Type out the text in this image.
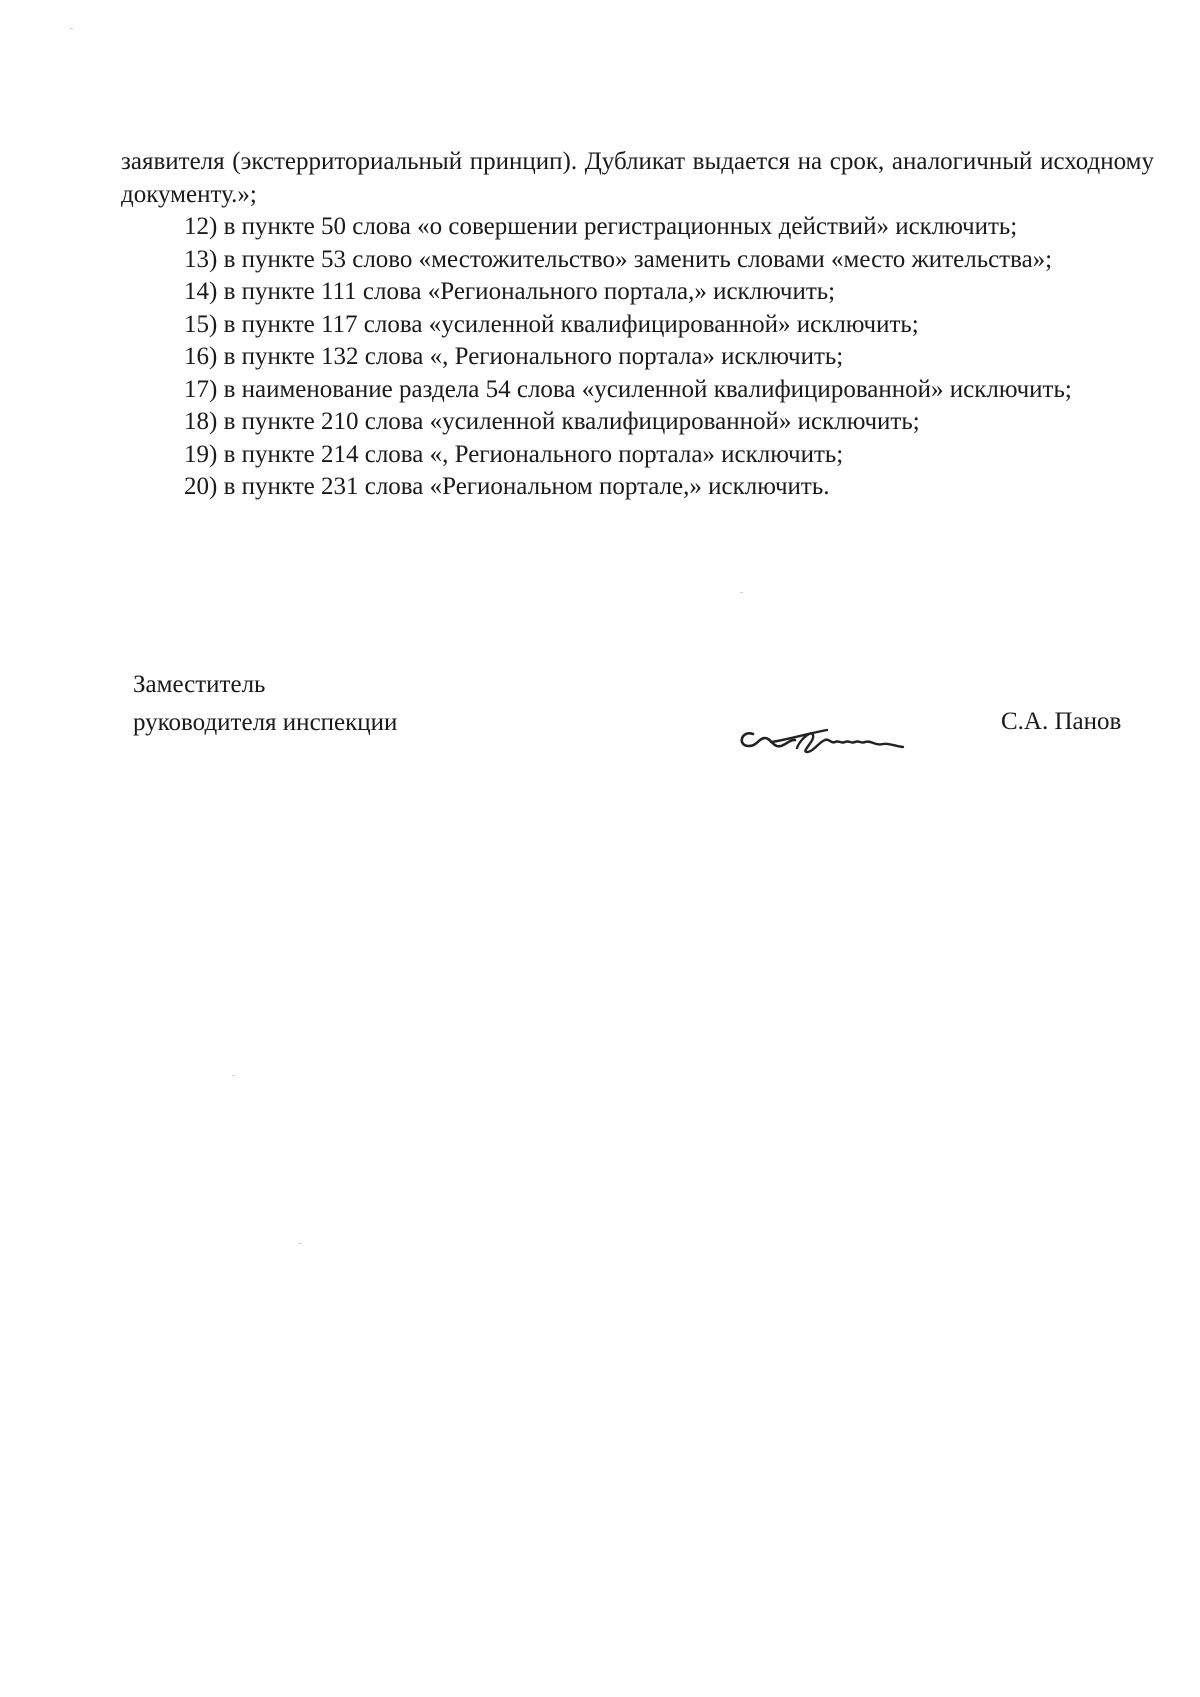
заявителя (экстерриториальный принцип). Дубликат выдается на срок, аналогичный исходному документу.»;

12) в пункте 50 слова «о совершении регистрационных действий» исключить;

13) в пункте 53 слово «местожительство» заменить словами «место жительства»;

14) в пункте 111 слова «Регионального портала,» исключить;

15) в пункте 117 слова «усиленной квалифицированной» исключить;

16) в пункте 132 слова «, Регионального портала» исключить;

17) в наименование раздела 54 слова «усиленной квалифицированной» исключить;

18) в пункте 210 слова «усиленной квалифицированной» исключить;

19) в пункте 214 слова «, Регионального портала» исключить;

20) в пункте 231 слова «Региональном портале,» исключить.

Заместитель
руководителя инспекции	С.А. Панов
